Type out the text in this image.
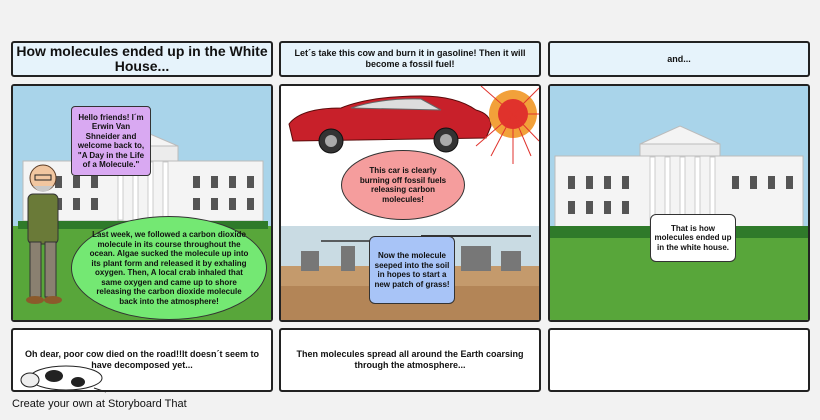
How molecules ended up in the White House...
Let´s take this cow and burn it in gasoline! Then it will become a fossil fuel!	and...
Hello friends! I´m Erwin Van Shneider and welcome back to, "A Day in the Life of a Molecule."
Last week, we followed a carbon dioxide molecule in its course throughout the ocean. Algae sucked the molecule up into its plant form and released it by exhaling oxygen. Then, A local crab inhaled that same oxygen and came up to shore releasing the carbon dioxide molecule back into the atmosphere!
This car is clearly burning off fossil fuels releasing carbon molecules!
Now the molecule seeped into the soil in hopes to start a new patch of grass!
That is how molecules ended up in the white house.
Oh dear, poor cow died on the road!!It doesn´t seem to have decomposed yet...
Then molecules spread all around the Earth coarsing through the atmosphere...
Create your own at Storyboard That
